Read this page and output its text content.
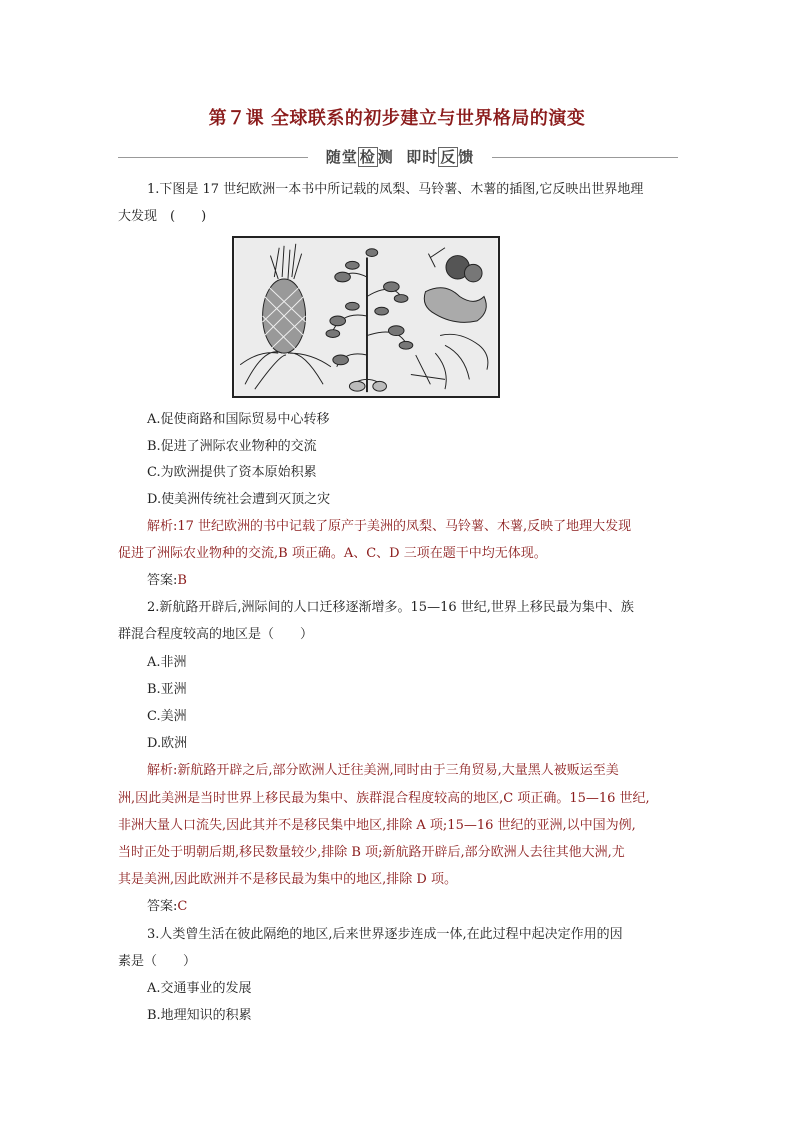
第７课 全球联系的初步建立与世界格局的演变
随堂 检 测  即时 反 馈
1.下图是 17 世纪欧洲一本书中所记载的凤梨、马铃薯、木薯的插图,它反映出世界地理
大发现　(　　)
A.促使商路和国际贸易中心转移
B.促进了洲际农业物种的交流
C.为欧洲提供了资本原始积累
D.使美洲传统社会遭到灭顶之灾
解析:17 世纪欧洲的书中记载了原产于美洲的凤梨、马铃薯、木薯,反映了地理大发现
促进了洲际农业物种的交流,B 项正确。A、C、D 三项在题干中均无体现。
答案:B
2.新航路开辟后,洲际间的人口迁移逐渐增多。15—16 世纪,世界上移民最为集中、族
群混合程度较高的地区是（　　）
A.非洲
B.亚洲
C.美洲
D.欧洲
解析:新航路开辟之后,部分欧洲人迁往美洲,同时由于三角贸易,大量黑人被贩运至美
洲,因此美洲是当时世界上移民最为集中、族群混合程度较高的地区,C 项正确。15—16 世纪,
非洲大量人口流失,因此其并不是移民集中地区,排除 A 项;15—16 世纪的亚洲,以中国为例,
当时正处于明朝后期,移民数量较少,排除 B 项;新航路开辟后,部分欧洲人去往其他大洲,尤
其是美洲,因此欧洲并不是移民最为集中的地区,排除 D 项。
答案:C
3.人类曾生活在彼此隔绝的地区,后来世界逐步连成一体,在此过程中起决定作用的因
素是（　　）
A.交通事业的发展
B.地理知识的积累
